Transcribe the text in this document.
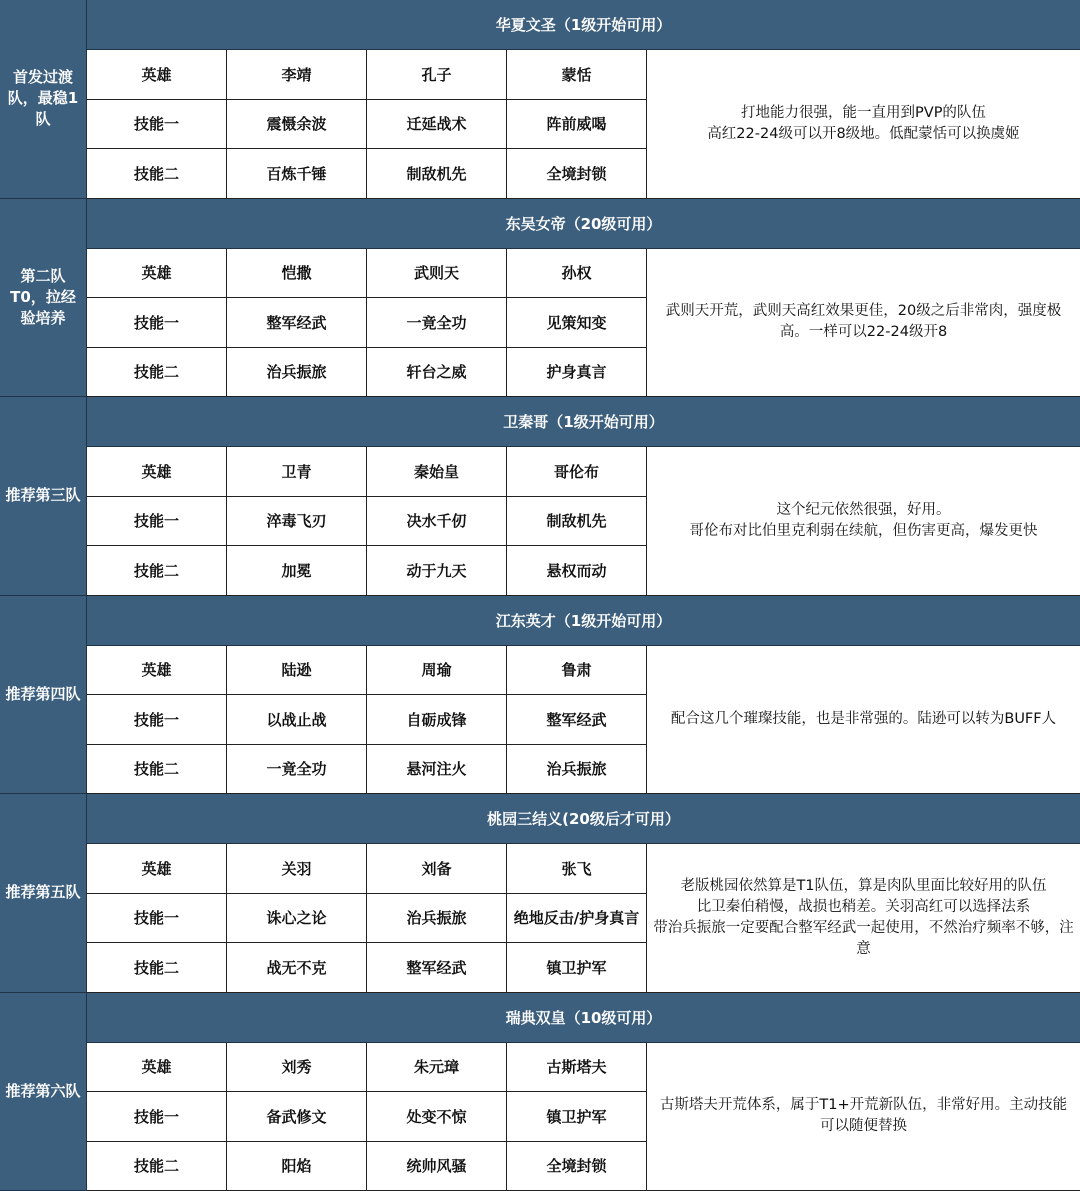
首发过渡队，最稳1队
华夏文圣（1级开始可用）
英雄	李靖	孔子	蒙恬
技能一	震慑余波	迁延战术	阵前威喝
技能二	百炼千锤	制敌机先	全境封锁
打地能力很强，能一直用到PVP的队伍
高红22-24级可以开8级地。低配蒙恬可以换虞姬
第二队T0，拉经验培养
东吴女帝（20级可用）
英雄	恺撒	武则天	孙权
技能一	整军经武	一竟全功	见策知变
技能二	治兵振旅	轩台之威	护身真言
武则天开荒，武则天高红效果更佳，20级之后非常肉，强度极高。一样可以22-24级开8
推荐第三队
卫秦哥（1级开始可用）
英雄	卫青	秦始皇	哥伦布
技能一	淬毒飞刃	决水千仞	制敌机先
技能二	加冕	动于九天	悬权而动
这个纪元依然很强，好用。
哥伦布对比伯里克利弱在续航，但伤害更高，爆发更快
推荐第四队
江东英才（1级开始可用）
英雄	陆逊	周瑜	鲁肃
技能一	以战止战	自砺成锋	整军经武
技能二	一竟全功	悬河注火	治兵振旅
配合这几个璀璨技能，也是非常强的。陆逊可以转为BUFF人
推荐第五队
桃园三结义(20级后才可用）
英雄	关羽	刘备	张飞
技能一	诛心之论	治兵振旅	绝地反击/护身真言
技能二	战无不克	整军经武	镇卫护军
老版桃园依然算是T1队伍，算是肉队里面比较好用的队伍
比卫秦伯稍慢，战损也稍差。关羽高红可以选择法系
带治兵振旅一定要配合整军经武一起使用，不然治疗频率不够，注意
推荐第六队
瑞典双皇（10级可用）
英雄	刘秀	朱元璋	古斯塔夫
技能一	备武修文	处变不惊	镇卫护军
技能二	阳焰	统帅风骚	全境封锁
古斯塔夫开荒体系，属于T1+开荒新队伍，非常好用。主动技能可以随便替换
